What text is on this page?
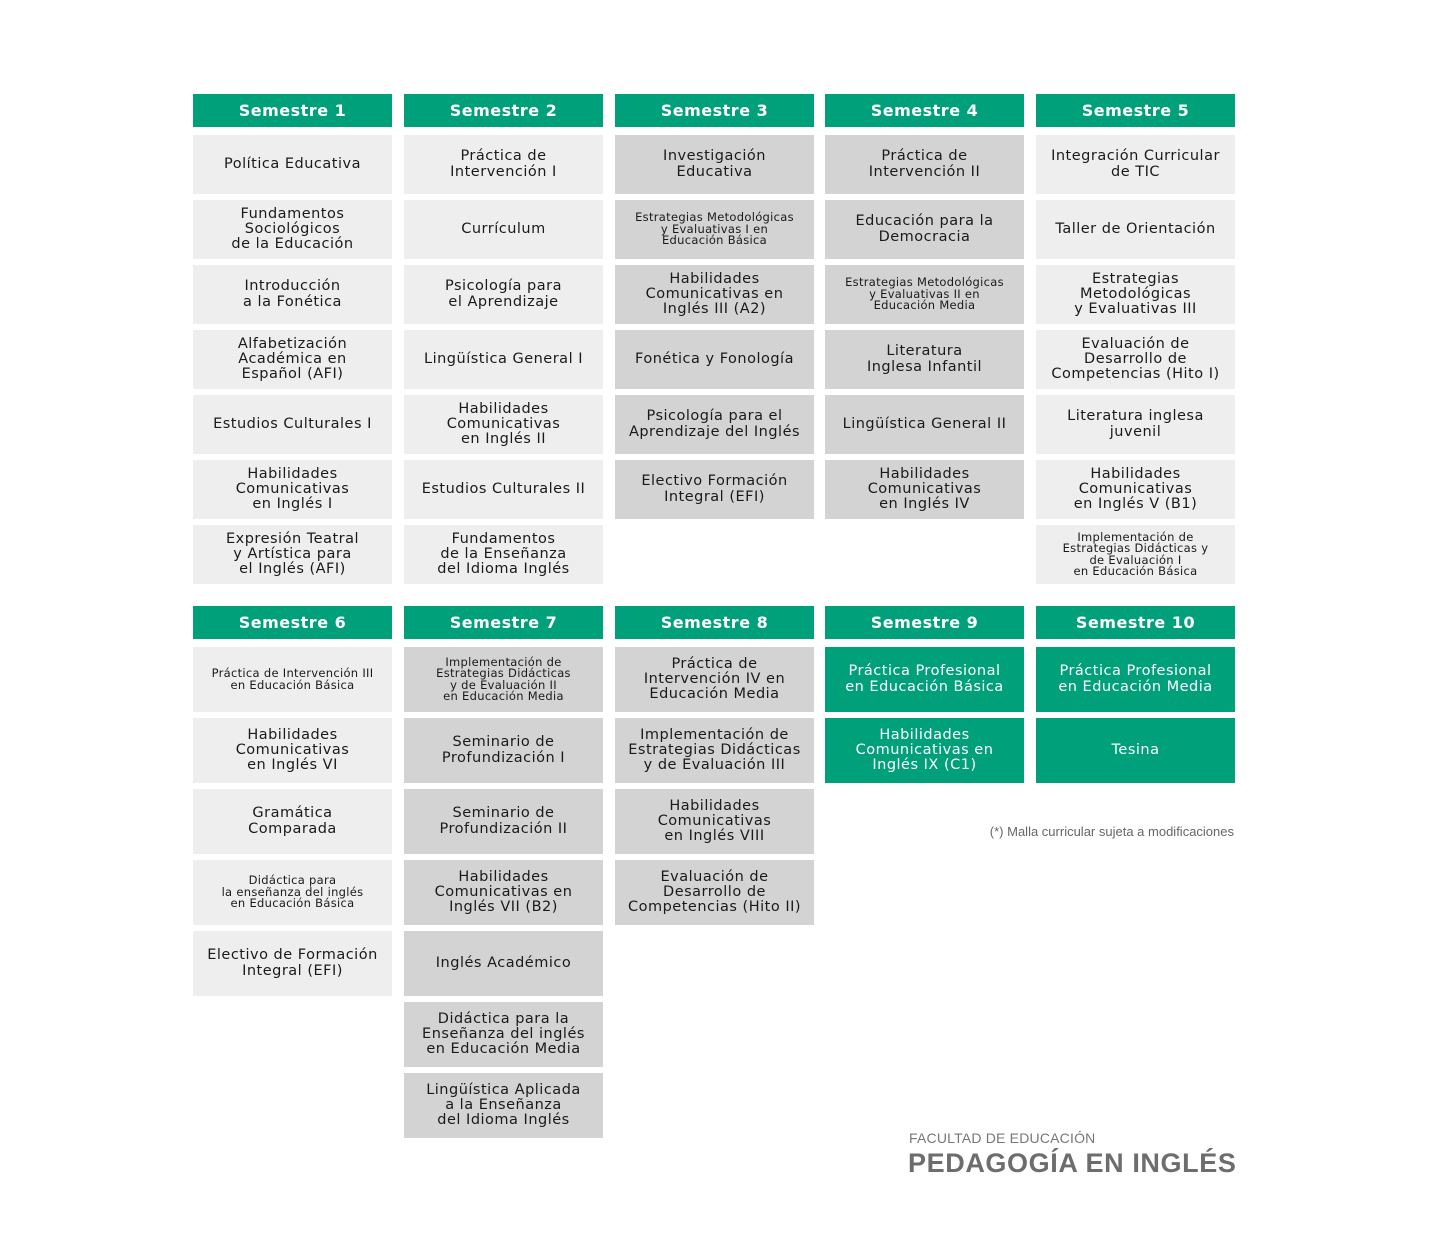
Semestre 1
Política Educativa
Fundamentos
Sociológicos
de la Educación
Introducción
a la Fonética
Alfabetización
Académica en
Español (AFI)
Estudios Culturales I
Habilidades
Comunicativas
en Inglés I
Expresión Teatral
y Artística para
el Inglés (AFI)
Semestre 2
Práctica de
Intervención I
Currículum
Psicología para
el Aprendizaje
Lingüística General I
Habilidades
Comunicativas
en Inglés II
Estudios Culturales II
Fundamentos
de la Enseñanza
del Idioma Inglés
Semestre 3
Investigación
Educativa
Estrategias Metodológicas
y Evaluativas I en
Educación Básica
Habilidades
Comunicativas en
Inglés III (A2)
Fonética y Fonología
Psicología para el
Aprendizaje del Inglés
Electivo Formación
Integral (EFI)
Semestre 4
Práctica de
Intervención II
Educación para la
Democracia
Estrategias Metodológicas
y Evaluativas II en
Educación Media
Literatura
Inglesa Infantil
Lingüística General II
Habilidades
Comunicativas
en Inglés IV
Semestre 5
Integración Curricular
de TIC
Taller de Orientación
Estrategias
Metodológicas
y Evaluativas III
Evaluación de
Desarrollo de
Competencias (Hito I)
Literatura inglesa
juvenil
Habilidades
Comunicativas
en Inglés V (B1)
Implementación de
Estrategias Didácticas y
de Evaluación I
en Educación Básica
Semestre 6
Práctica de Intervención III
en Educación Básica
Habilidades
Comunicativas
en Inglés VI
Gramática
Comparada
Didáctica para
la enseñanza del inglés
en Educación Básica
Electivo de Formación
Integral (EFI)
Semestre 7
Implementación de
Estrategias Didácticas
y de Evaluación II
en Educación Media
Seminario de
Profundización I
Seminario de
Profundización II
Habilidades
Comunicativas en
Inglés VII (B2)
Inglés Académico
Didáctica para la
Enseñanza del inglés
en Educación Media
Lingüística Aplicada
a la Enseñanza
del Idioma Inglés
Semestre 8
Práctica de
Intervención IV en
Educación Media
Implementación de
Estrategias Didácticas
y de Evaluación III
Habilidades
Comunicativas
en Inglés VIII
Evaluación de
Desarrollo de
Competencias (Hito II)
Semestre 9
Práctica Profesional
en Educación Básica
Habilidades
Comunicativas en
Inglés IX (C1)
Semestre 10
Práctica Profesional
en Educación Media
Tesina
(*) Malla curricular sujeta a modificaciones
FACULTAD DE EDUCACIÓN
PEDAGOGÍA EN INGLÉS
